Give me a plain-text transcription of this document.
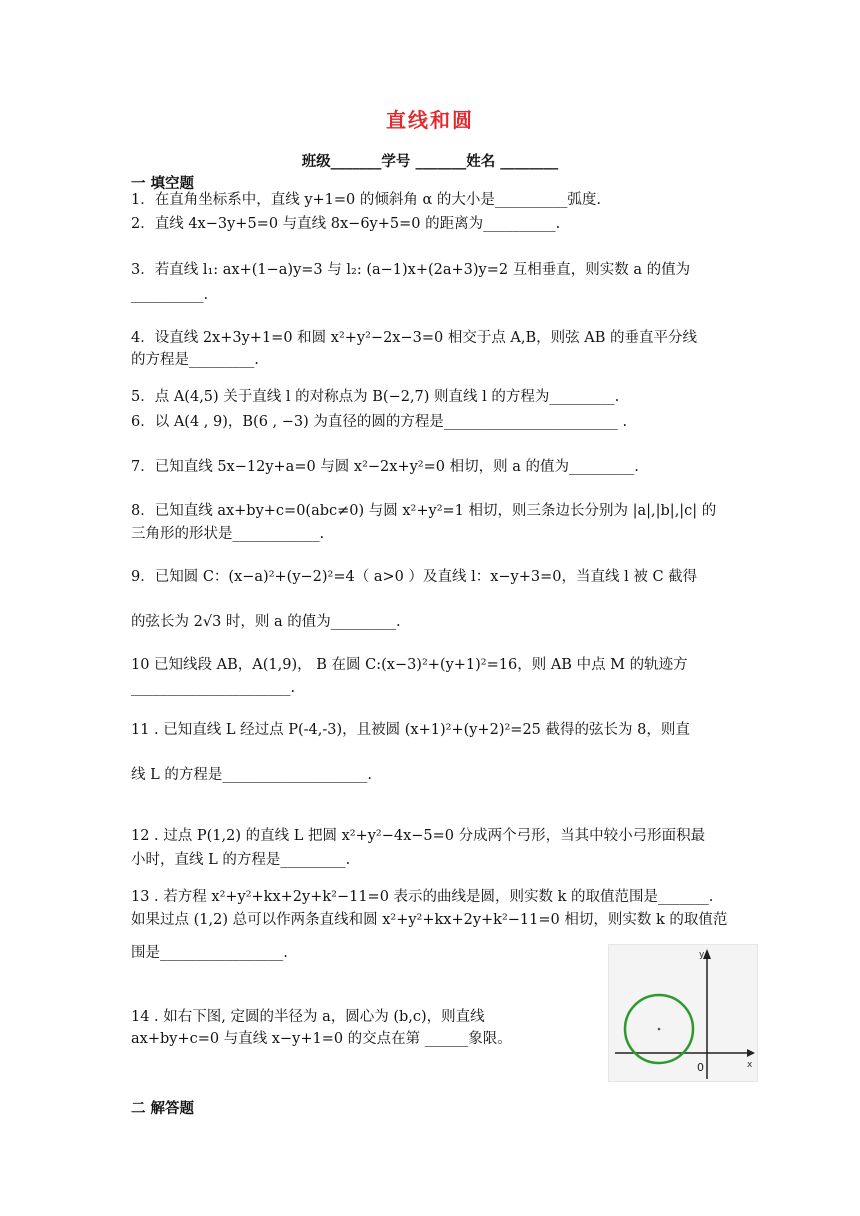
直线和圆
班级_______学号 _______姓名 ________
一 填空题
1．在直角坐标系中，直线 y+1=0 的倾斜角 α 的大小是__________弧度.
2．直线 4x−3y+5=0 与直线 8x−6y+5=0 的距离为__________.
3．若直线 l₁: ax+(1−a)y=3 与 l₂: (a−1)x+(2a+3)y=2 互相垂直，则实数 a 的值为
__________.
4．设直线 2x+3y+1=0 和圆 x²+y²−2x−3=0 相交于点 A,B，则弦 AB 的垂直平分线
的方程是_________.
5．点 A(4,5) 关于直线 l 的对称点为 B(−2,7) 则直线 l 的方程为_________.
6．以 A(4 , 9)，B(6 , −3) 为直径的圆的方程是________________________ .
7．已知直线 5x−12y+a=0 与圆 x²−2x+y²=0 相切，则 a 的值为_________.
8．已知直线 ax+by+c=0(abc≠0) 与圆 x²+y²=1 相切，则三条边长分别为 |a|,|b|,|c| 的
三角形的形状是____________.
9．已知圆 C：(x−a)²+(y−2)²=4（ a>0 ）及直线 l：x−y+3=0，当直线 l 被 C 截得
的弦长为 2√3 时，则 a 的值为_________.
10 已知线段 AB，A(1,9)， B 在圆 C:(x−3)²+(y+1)²=16，则 AB 中点 M 的轨迹方
______________________.
11 . 已知直线 L 经过点 P(-4,-3)，且被圆 (x+1)²+(y+2)²=25 截得的弦长为 8，则直
线 L 的方程是____________________.
12 . 过点 P(1,2) 的直线 L 把圆 x²+y²−4x−5=0 分成两个弓形，当其中较小弓形面积最
小时，直线 L 的方程是_________.
13 . 若方程 x²+y²+kx+2y+k²−11=0 表示的曲线是圆，则实数 k 的取值范围是_______.
如果过点 (1,2) 总可以作两条直线和圆 x²+y²+kx+2y+k²−11=0 相切，则实数 k 的取值范
围是_________________.
14 . 如右下图, 定圆的半径为 a，圆心为 (b,c)，则直线
ax+by+c=0 与直线 x−y+1=0 的交点在第 ______象限。
x
y
0
二 解答题
